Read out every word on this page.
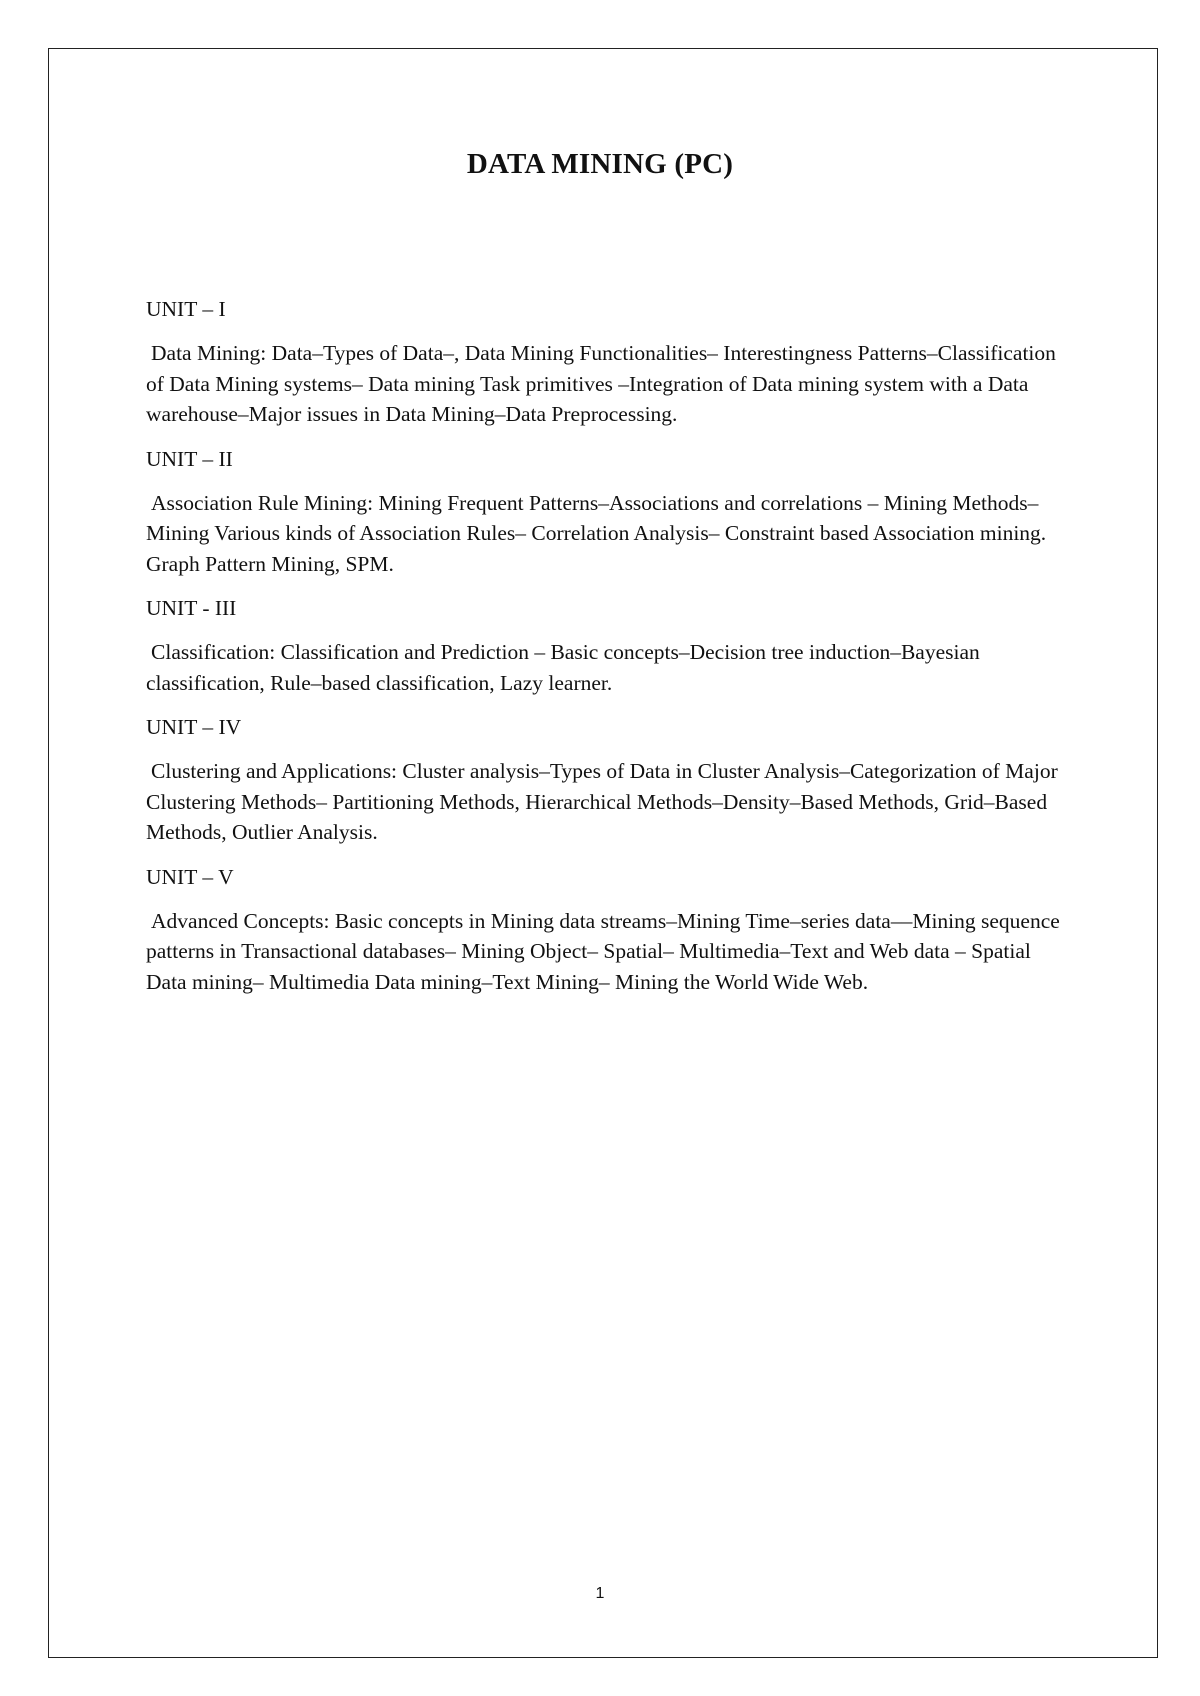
DATA MINING (PC)

UNIT – I

Data Mining: Data–Types of Data–, Data Mining Functionalities– Interestingness Patterns–Classification of Data Mining systems– Data mining Task primitives –Integration of Data mining system with a Data warehouse–Major issues in Data Mining–Data Preprocessing.

UNIT – II

Association Rule Mining: Mining Frequent Patterns–Associations and correlations – Mining Methods– Mining Various kinds of Association Rules– Correlation Analysis– Constraint based Association mining. Graph Pattern Mining, SPM.

UNIT - III

Classification: Classification and Prediction – Basic concepts–Decision tree induction–Bayesian classification, Rule–based classification, Lazy learner.

UNIT – IV

Clustering and Applications: Cluster analysis–Types of Data in Cluster Analysis–Categorization of Major Clustering Methods– Partitioning Methods, Hierarchical Methods–Density–Based Methods, Grid–Based Methods, Outlier Analysis.

UNIT – V

Advanced Concepts: Basic concepts in Mining data streams–Mining Time–series data––Mining sequence patterns in Transactional databases– Mining Object– Spatial– Multimedia–Text and Web data – Spatial Data mining– Multimedia Data mining–Text Mining– Mining the World Wide Web.

1
